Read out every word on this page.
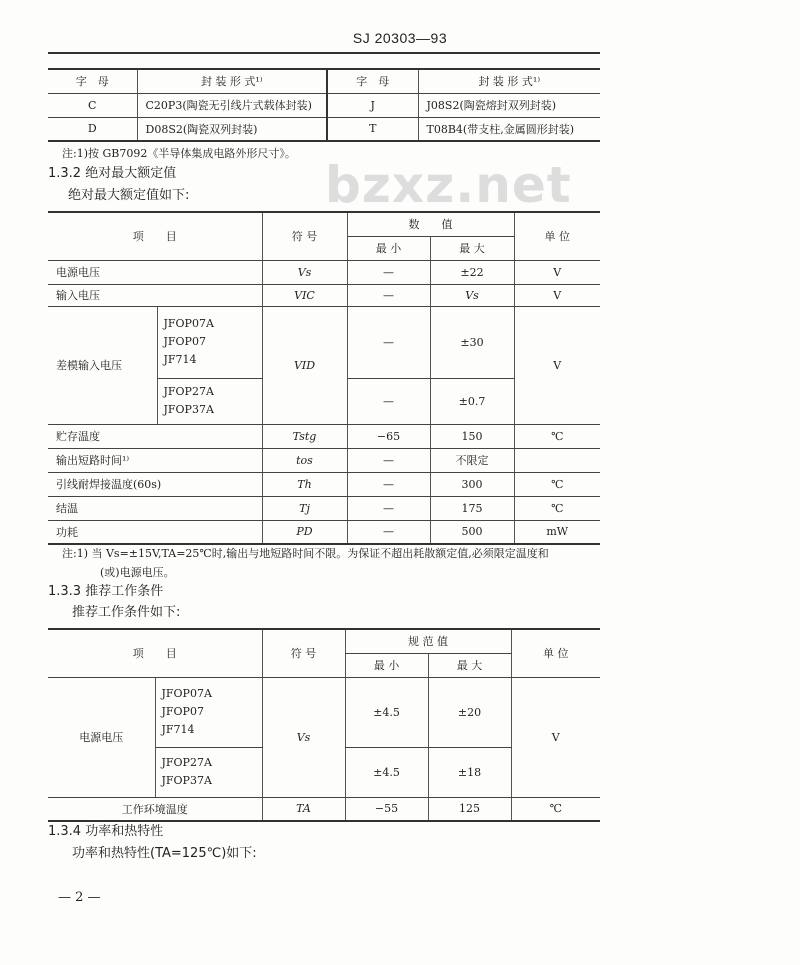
bzxz.net
SJ 20303—93
字　母	封 装 形 式¹⁾	字　母	封 装 形 式¹⁾
C	C20P3(陶瓷无引线片式载体封装)	J	J08S2(陶瓷熔封双列封装)
D	D08S2(陶瓷双列封装)	T	T08B4(带支柱,金属圆形封装)
注:1)按 GB7092《半导体集成电路外形尺寸》。
1.3.2 绝对最大额定值
绝对最大额定值如下:
项　　目		符 号	数　　值		单 位
			最 小	最 大	
电源电压		Vs	—	±22	V
输入电压		VIC	—	Vs	V
差模输入电压	JFOP07A
JFOP07
JF714	VID	—	±30	V

	JFOP27A
JFOP37A		—	±0.7	
贮存温度		Tstg	−65	150	℃
输出短路时间¹⁾		tos	—	不限定	
引线耐焊接温度(60s)		Th	—	300	℃
结温		Tj	—	175	℃
功耗		PD	—	500	mW
注:1) 当 Vs=±15V,TA=25℃时,输出与地短路时间不限。为保证不超出耗散额定值,必须限定温度和
(或)电源电压。
1.3.3 推荐工作条件
推荐工作条件如下:
项　　目		符 号	规 范 值		单 位
			最 小	最 大	
电源电压	JFOP07A
JFOP07
JF714	Vs	±4.5	±20	V

	JFOP27A
JFOP37A		±4.5	±18	
工作环境温度		TA	−55	125	℃
1.3.4 功率和热特性
功率和热特性(TA=125℃)如下:
— 2 —
